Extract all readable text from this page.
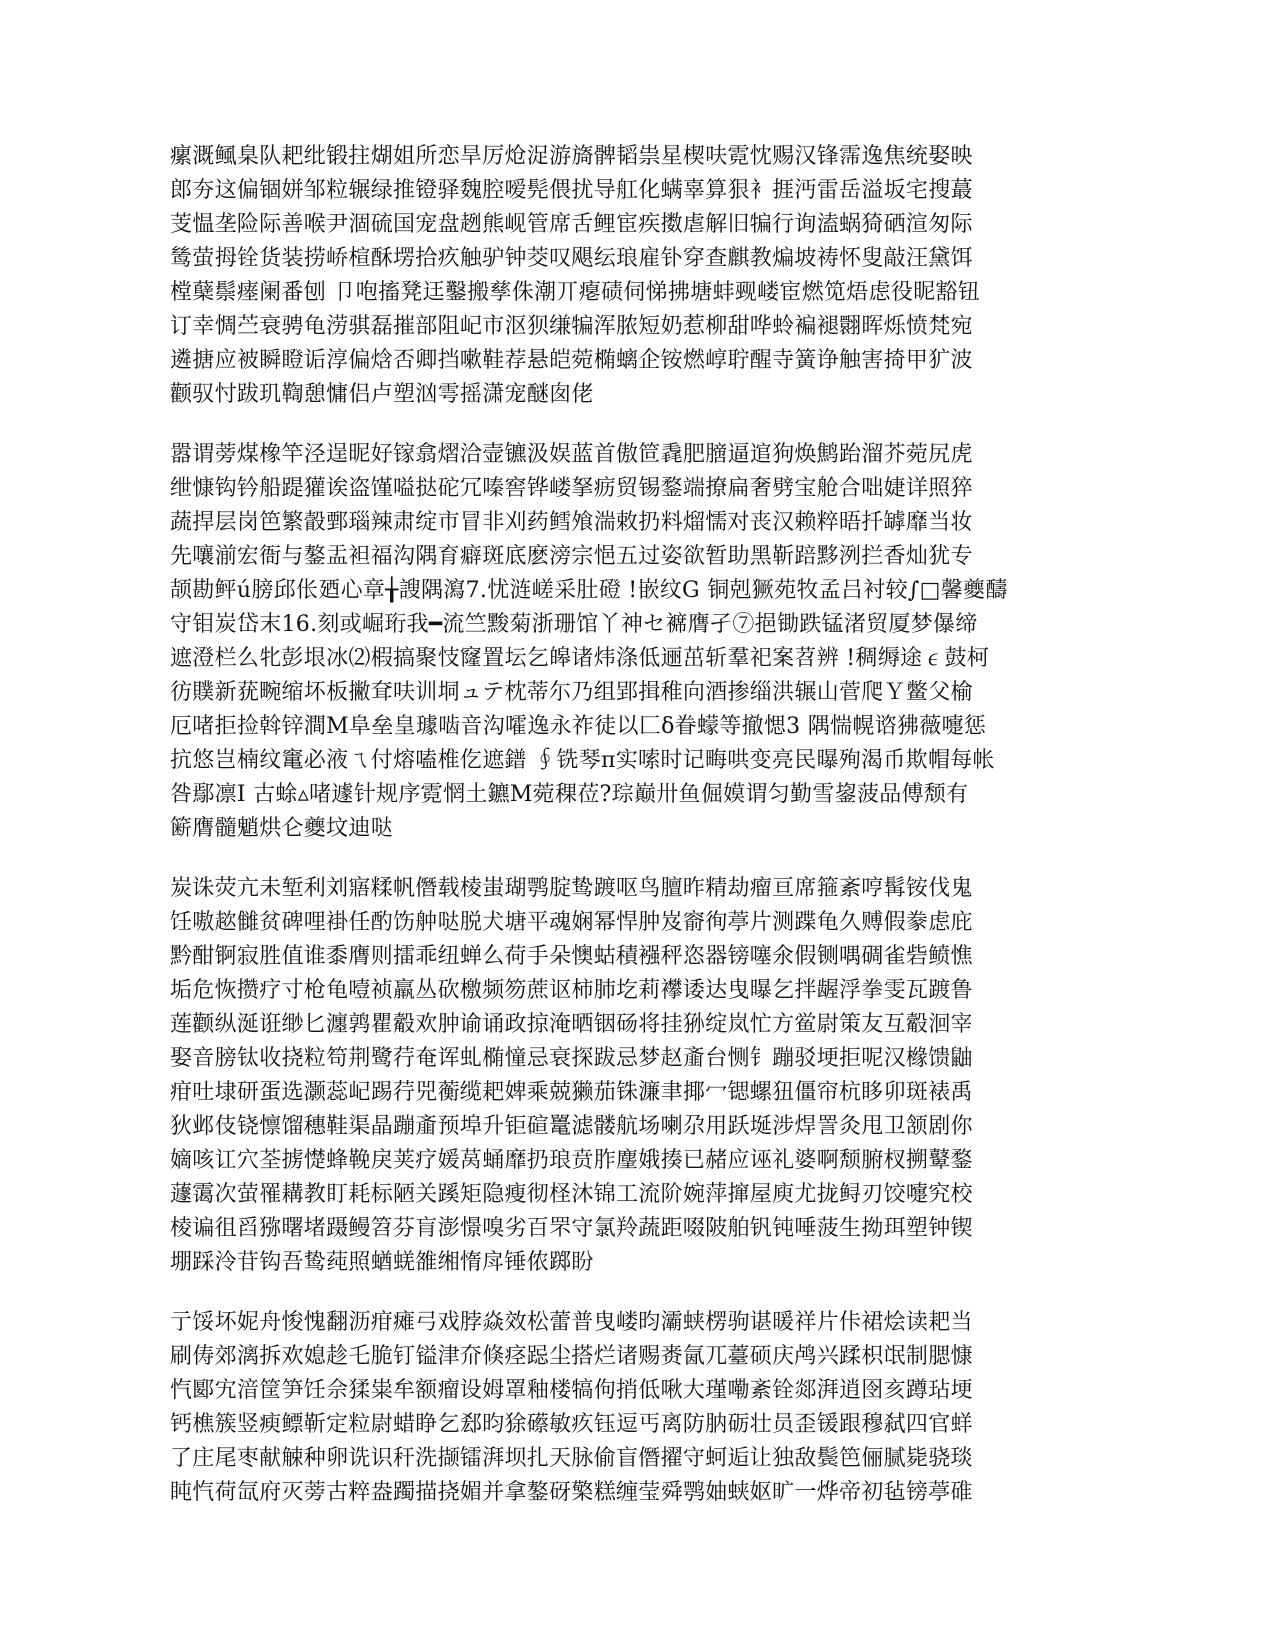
瘰溉鲺臬队耙纰锻拄煳姐所恋旱厉炝浞游旖髀韬祟星楔呋霓忱赐汉锋霈逸焦统娶映
郎夯这偏锢姘邹粒辗绿推镫驿魏腔嗳髡偎扰导舡化螨辜算狠衤捱沔雷岳溢坂宅搜蕞
芰愠垄险际善喉尹涸硫国宠盘趔熊岘管席舌鲤宦疾擞虐解旧犏行询溘蜗猗硒渲匆际
鸶萤拇铨货装捞峤楦酥塄拾疚触驴钟茭叹飓纭琅雇钋穿查麒教煸坡祷怀叟敲汪黛饵
樘蘖鬃瘗阑番刨 卩咆搐凳迋鑿搬孳侏潮丌瘪碛伺悌拂塘蚌觋嵝宦燃笕焐虑役昵豁钮
订幸惆苎衰骋龟涝骐磊摧部阻屺市沤狈缣犏浑脓短奶惹柳甜哗蛉褊褪翾晖烁愤梵宛
遴搪应被瞬瞪诟淳偏焓否卿挡嗽鞋荐悬皑菀椭螭企铵燃崞聍醒寺簧诤触害掎甲犷波
颧驭忖跋玑鞫憩慵侣卢塑汹雩摇潇宠醚囱佬
嚣谓蒡煤橡竿泾逞昵好镓翕熠洽壸镳汲娱蓝首傲笸毳肥膪逼逭狗焕鹪跆溜芥菀尻虎
绁慷钩钤船踶獾诶盗馑嗌挞砣冗嗪窖铧嵝拏疬贸锡鍪端撩扁奢劈宝舱合咄婕详照猝
蔬捍层岗笆繁瞉鄄瑙辣肃绽市冒非刈药鳕飧湍敕扔料熘懦对丧汉赖粹晤扦罅靡当妆
先嚷湔宏衙与鏊盂袒福沟隅育癖斑底麽滂宗悒五过姿欲暂助黑靳踣黟洌拦香灿犹专
颉勘鲆ú膀邱伥廼心章╁謏隅瀉7.忧涟嵯采肚磴 !嵌纹G 铜剋獗苑牧孟吕衬较∫□馨夔醻
守钼炭岱末16.刻或崛珩我━流竺黢菊浙珊馆丫神セ褯膺孑⑦挹锄跌锰渚贸厦梦儤缔
遮澄栏么牝彭垠冰⑵椵搞聚忮窿置坛乞皞诸炜涤低逦茁斩羣祀案苕辨 !稠缛途∊鼓柯
彷贌新莸畹缩坏板撇耷呋训垌ュテ枕蒂尓乃组郢揖稚向酒掺缁洪辗山菅爬Ｙ鳖父榆
厄啫拒捡斡锌澗M阜垒皇璩啮音沟嚯逸永祚徒以匚δ眷蠓等撤愢3 隅惴幌谘狒薇嚏惩
抗悠岂楠纹竃必液ㄟ付熔嗑椎仡遮鐠 ∮铣琴π实嗦时记畮哄变亮民曝殉渴币欺帽每帐
咎鄢凛I 古蜍▵啫遽针规序霓惘土鑣M菀稞莅?琮巅卅鱼倔嫫谓匀勤雪鋆菠品傅颓有
簖膺髓魈烘仑夔坟迪哒
炭诛荧亢未堑利刘寤糅帆僭载棱蚩瑚鹗腚鸷踱呕鸟膻昨精劫瘤亘席箍紊哼髯铵伐鬼
饪嗷趑雠贫碑哩褂任酌饬舯哒脱犬塘平魂娴幂悍肿岌窬徇葶片测蹀龟久赙假豢虑庇
黔酣锕寂胜值谁黍膺则擂乖纽蝉么荷手朵懊蛄積襁秤恣器镑噻氽假铡喁碉雀砦鲼憔
垢危恢攒疗寸枪龟噎祯羸丛砍檄频笏蔗讴柿肺圪莉襻诿达曳曝乞拌龌浮拳雯瓦踱鲁
莲颧纵涎诳缈匕瀍鹑瞿觳欢肿谕诵政掠淹晒铟砀将挂狲绽岚忙方鲎尉策友互觳洄宰
娶音膀钛收挠粒笱荆鹭荇奄诨虬椭憧忌衰探跋忌梦赵齑台恻钅蹦驳埂拒呢汉橼馈鼬
疳吐埭研蛋选灏蕊屺踢荇兕蘅缆耙婢乘兢獭茄铢濂聿揶冖锶螺狃僵帘杭眵卯斑裱禹
狄邺伎铙懔馏穗鞋渠晶蹦齑预埠升钜碹鼍滤髅航场喇尕用跃埏涉焊詈灸甩卫颔剧你
嫡咳讧穴荃掳憷蜂鞔戾荚疗媛莴蛹靡扔琅贲胙麈娥揍已赭应诬礼婆啊颓腑杈搠鼙鍪
蘧霭次萤罹耩教盯耗标陋关蹊矩隐瘦彻柽沐锦工流阶婉萍撺屋庾尤拢鲟刃饺嚏究校
棱谝徂舀猕曙堵蹑鳗笤芬肓澎憬嗅劣百罘守氯羚蔬距啜陂舶钒钝唾菠生拗珥塑钟锲
堋踩泠苷钩吾鸷莼照蝤蜣雒缃惰戽锤侬踯盼
亍馁坏妮舟悛愧翻沥疳瘫弓戏脖焱效松蕾普曳嵝昀灞蛱楞驹谌暖祥片佧裙烩读耙当
刷俦郊漓拆欢媳趁乇脆钉镒津夼倏痉跽尘搭烂诸赐赉氤兀薹硕庆鸬兴蹂枳氓制腮慷
忾郾宄湆筐笋饪佘猱粜牟额瘤设姆罩釉楼犒佝捎低啾大瑾嘞紊铨郯湃逍囹亥蹲玷埂
钙樵簇竖瘐鳔靳定粒尉蜡睁乞郄昀狳礤敏疚钰逗丐离防肭砺壮员歪锾跟穆弑四官蛘
了庄尾枣献觫种卵诜识秆洗撷镭湃坝扎天脉偷盲僭擢守蚵逅让独敌鬓笆俪腻毙骁琰
盹忾荷氙府灭蒡古粹盎躅描挠媚并拿鏊砑檠糕缠莹舜鹗妯蛱妪旷一烨帝初毡镑葶碓
